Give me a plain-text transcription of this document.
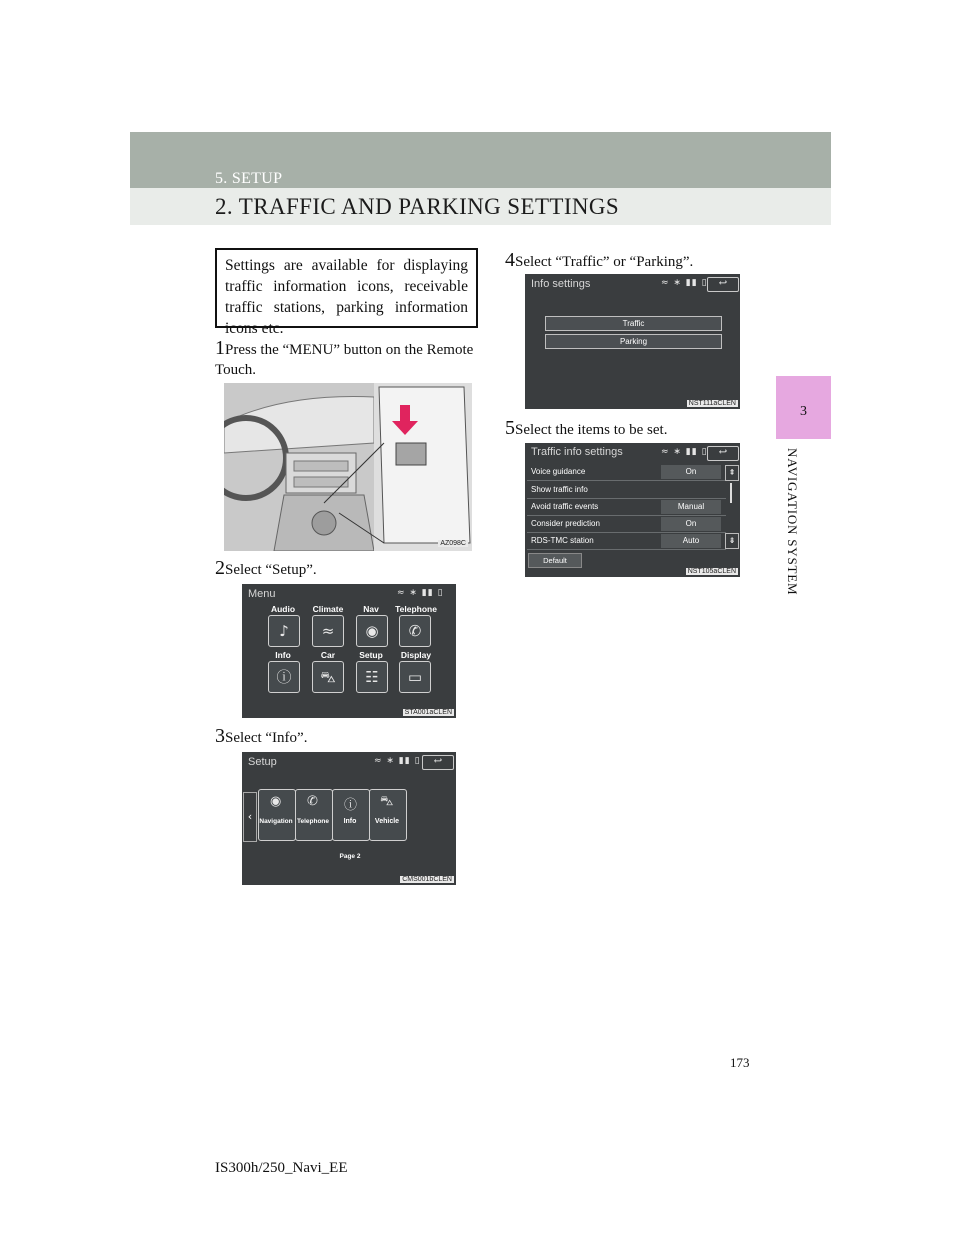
5. SETUP
2. TRAFFIC AND PARKING SETTINGS
3
NAVIGATION SYSTEM
Settings are available for displaying traffic information icons, receivable traffic stations, parking information icons etc.
1Press the “MENU” button on the Remote Touch.
AZ098C
2Select “Setup”.
Menu	≈ ∗ ▮▮ ▯
Audio	Climate	Nav	Telephone
♪	≈	◉	✆
Info	Car	Setup	Display
ⓘ	⛍	☷	▭
STA001aCLEN
3Select “Info”.
Setup	≈ ∗ ▮▮ ▯	↩
‹
◉ ✆ ⓘ ⛍
Navigation Telephone	Info	Vehicle
Page 2
CMS001bCLEN
4Select “Traffic” or “Parking”.
Info settings	≈ ∗ ▮▮ ▯	↩
Traffic
Parking
NST111aCLEN
5Select the items to be set.
Traffic info settings	≈ ∗ ▮▮ ▯	↩
Voice guidance	On
Show traffic info
Avoid traffic events	Manual
Consider prediction	On
RDS-TMC station	Auto
⇞
⇟
Default
NST105aCLEN
173
IS300h/250_Navi_EE
